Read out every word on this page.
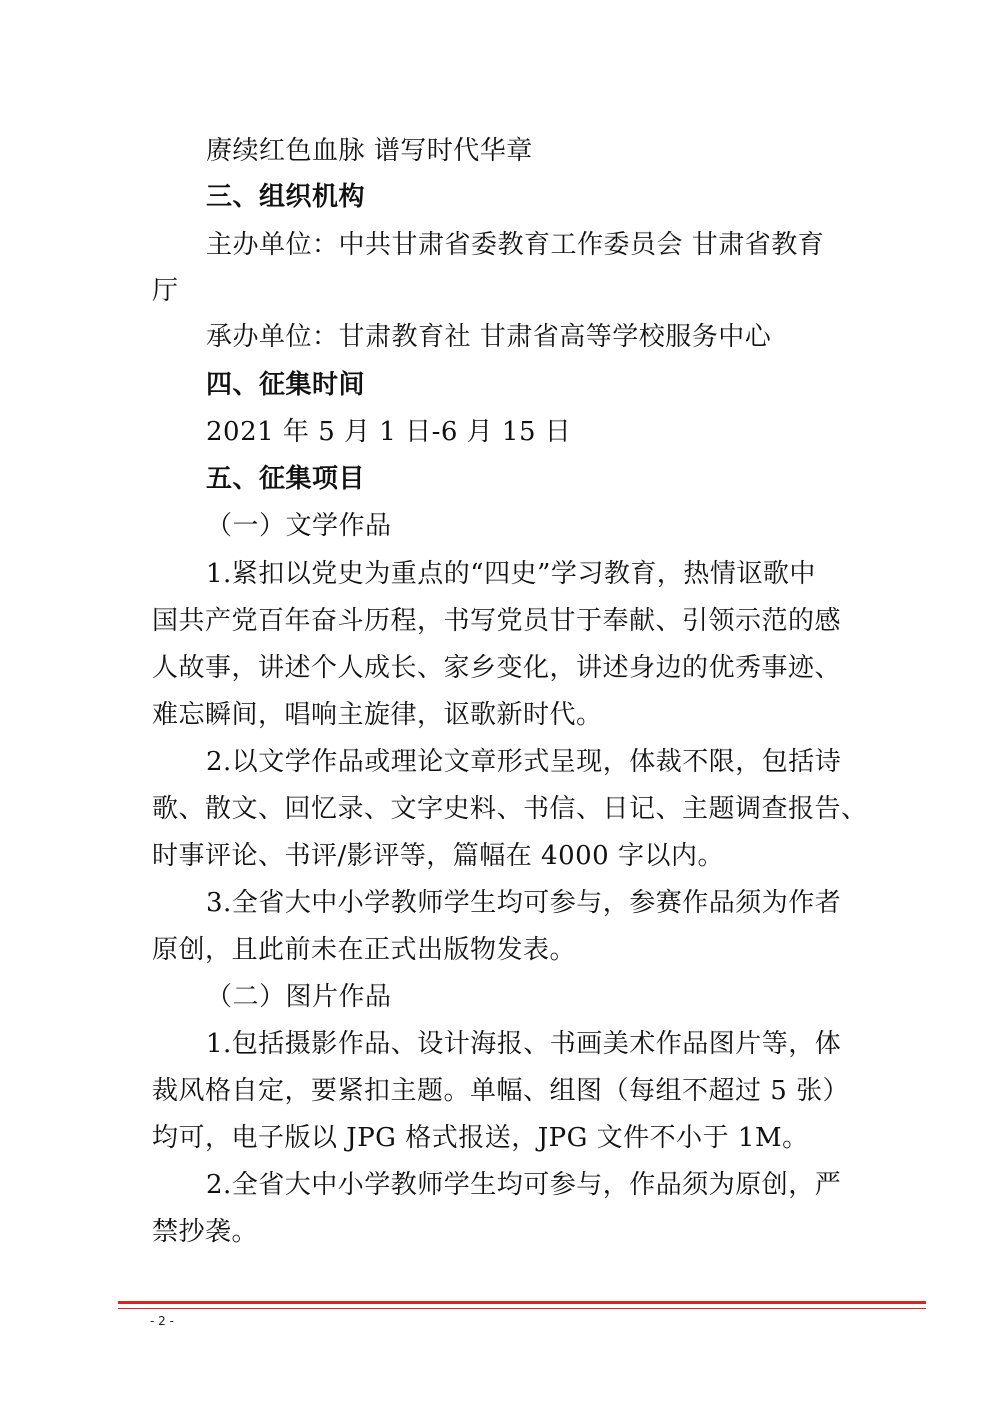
赓续红色血脉 谱写时代华章
三、组织机构
主办单位：中共甘肃省委教育工作委员会 甘肃省教育
厅
承办单位：甘肃教育社 甘肃省高等学校服务中心
四、征集时间
2021 年 5 月 1 日-6 月 15 日
五、征集项目
（一）文学作品
1.紧扣以党史为重点的“四史”学习教育，热情讴歌中
国共产党百年奋斗历程，书写党员甘于奉献、引领示范的感
人故事，讲述个人成长、家乡变化，讲述身边的优秀事迹、
难忘瞬间，唱响主旋律，讴歌新时代。
2.以文学作品或理论文章形式呈现，体裁不限，包括诗
歌、散文、回忆录、文字史料、书信、日记、主题调查报告、
时事评论、书评/影评等，篇幅在 4000 字以内。
3.全省大中小学教师学生均可参与，参赛作品须为作者
原创，且此前未在正式出版物发表。
（二）图片作品
1.包括摄影作品、设计海报、书画美术作品图片等，体
裁风格自定，要紧扣主题。单幅、组图（每组不超过 5 张）
均可，电子版以 JPG 格式报送，JPG 文件不小于 1M。
2.全省大中小学教师学生均可参与，作品须为原创，严
禁抄袭。
- 2 -
